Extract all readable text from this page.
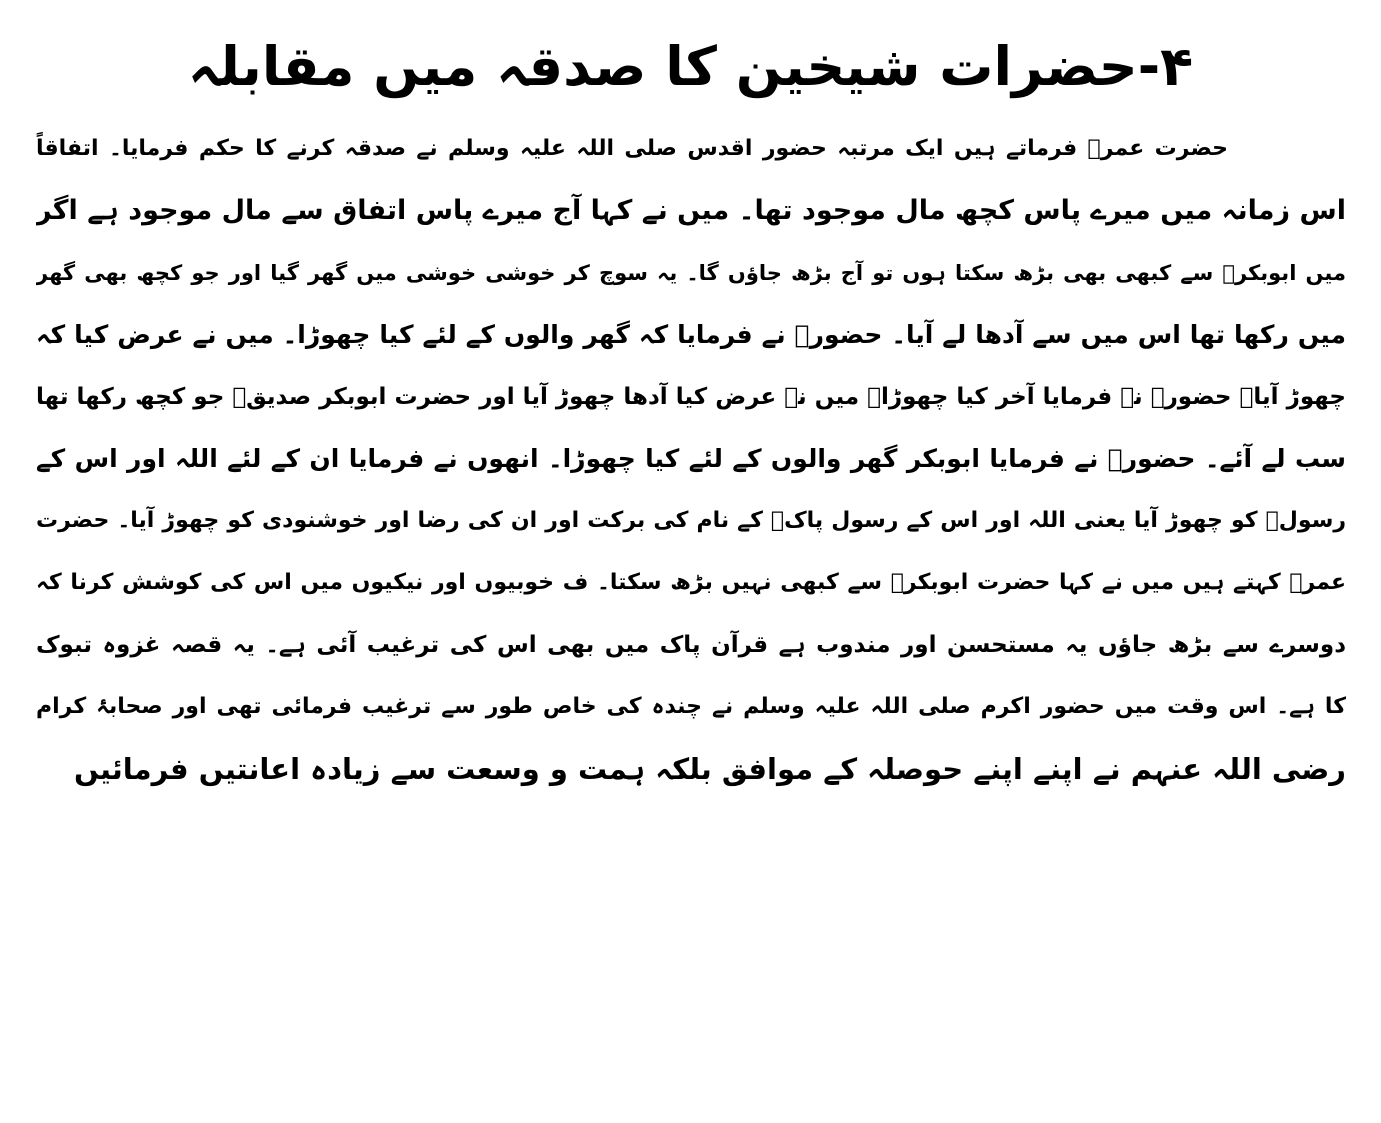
۴-حضرات شیخین کا صدقہ میں مقابلہ
حضرت عمرؓ فرماتے ہیں ایک مرتبہ حضور اقدس صلی اللہ علیہ وسلم نے صدقہ کرنے کا حکم فرمایا۔ اتفاقاً
اس زمانہ میں میرے پاس کچھ مال موجود تھا۔ میں نے کہا آج میرے پاس اتفاق سے مال موجود ہے اگر
میں ابوبکرؓ سے کبھی بھی بڑھ سکتا ہوں تو آج بڑھ جاؤں گا۔ یہ سوچ کر خوشی خوشی میں گھر گیا اور جو کچھ بھی گھر
میں رکھا تھا اس میں سے آدھا لے آیا۔ حضورؐ نے فرمایا کہ گھر والوں کے لئے کیا چھوڑا۔ میں نے عرض کیا کہ
چھوڑ آیا۔ حضورؐ نے فرمایا آخر کیا چھوڑا۔ میں نے عرض کیا آدھا چھوڑ آیا اور حضرت ابوبکر صدیقؓ جو کچھ رکھا تھا
سب لے آئے۔ حضورؐ نے فرمایا ابوبکر گھر والوں کے لئے کیا چھوڑا۔ انھوں نے فرمایا ان کے لئے اللہ اور اس کے
رسولؐ کو چھوڑ آیا یعنی اللہ اور اس کے رسول پاکؐ کے نام کی برکت اور ان کی رضا اور خوشنودی کو چھوڑ آیا۔ حضرت
عمرؓ کہتے ہیں میں نے کہا حضرت ابوبکرؓ سے کبھی نہیں بڑھ سکتا۔ ف خوبیوں اور نیکیوں میں اس کی کوشش کرنا کہ
دوسرے سے بڑھ جاؤں یہ مستحسن اور مندوب ہے قرآن پاک میں بھی اس کی ترغیب آئی ہے۔ یہ قصہ غزوہ تبوک
کا ہے۔ اس وقت میں حضور اکرم صلی اللہ علیہ وسلم نے چندہ کی خاص طور سے ترغیب فرمائی تھی اور صحابۂ کرام
رضی اللہ عنہم نے اپنے اپنے حوصلہ کے موافق بلکہ ہمت و وسعت سے زیادہ اعانتیں فرمائیں
